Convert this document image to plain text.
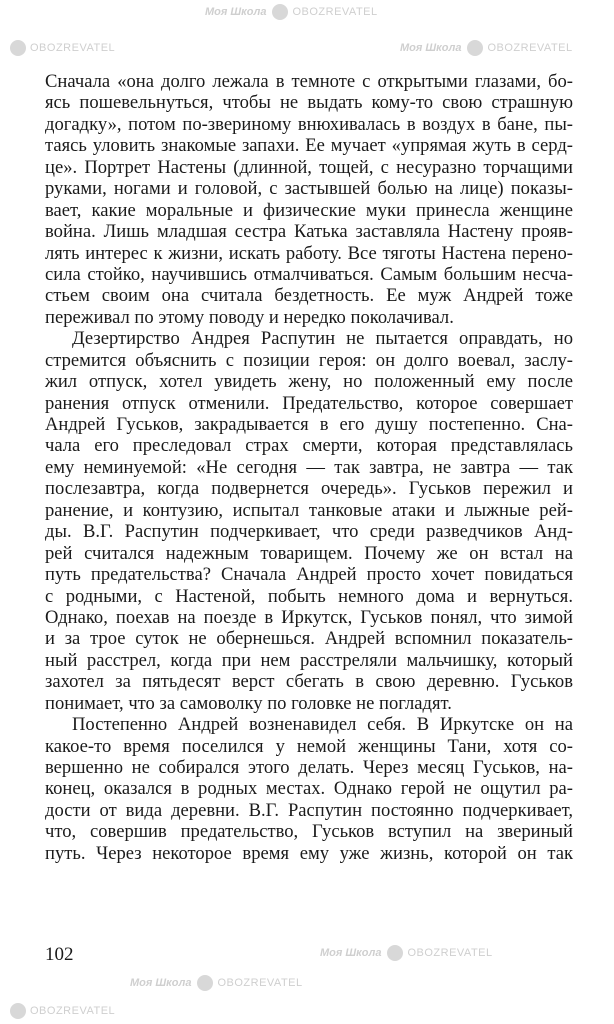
Моя Школа OBOZREVATEL
OBOZREVATEL	Моя Школа OBOZREVATEL
Моя Школа OBOZREVATEL
Моя Школа OBOZREVATEL
OBOZREVATEL
Сначала «она долго лежала в темноте с открытыми глазами, бо-
ясь пошевельнуться, чтобы не выдать кому-то свою страшную
догадку», потом по-звериному внюхивалась в воздух в бане, пы-
таясь уловить знакомые запахи. Ее мучает «упрямая жуть в серд-
це». Портрет Настены (длинной, тощей, с несуразно торчащими
руками, ногами и головой, с застывшей болью на лице) показы-
вает, какие моральные и физические муки принесла женщине
война. Лишь младшая сестра Катька заставляла Настену прояв-
лять интерес к жизни, искать работу. Все тяготы Настена перено-
сила стойко, научившись отмалчиваться. Самым большим несча-
стьем своим она считала бездетность. Ее муж Андрей тоже
переживал по этому поводу и нередко поколачивал.
Дезертирство Андрея Распутин не пытается оправдать, но
стремится объяснить с позиции героя: он долго воевал, заслу-
жил отпуск, хотел увидеть жену, но положенный ему после
ранения отпуск отменили. Предательство, которое совершает
Андрей Гуськов, закрадывается в его душу постепенно. Сна-
чала его преследовал страх смерти, которая представлялась
ему неминуемой: «Не сегодня — так завтра, не завтра — так
послезавтра, когда подвернется очередь». Гуськов пережил и
ранение, и контузию, испытал танковые атаки и лыжные рей-
ды. В.Г. Распутин подчеркивает, что среди разведчиков Анд-
рей считался надежным товарищем. Почему же он встал на
путь предательства? Сначала Андрей просто хочет повидаться
с родными, с Настеной, побыть немного дома и вернуться.
Однако, поехав на поезде в Иркутск, Гуськов понял, что зимой
и за трое суток не обернешься. Андрей вспомнил показатель-
ный расстрел, когда при нем расстреляли мальчишку, который
захотел за пятьдесят верст сбегать в свою деревню. Гуськов
понимает, что за самоволку по головке не погладят.
Постепенно Андрей возненавидел себя. В Иркутске он на
какое-то время поселился у немой женщины Тани, хотя со-
вершенно не собирался этого делать. Через месяц Гуськов, на-
конец, оказался в родных местах. Однако герой не ощутил ра-
дости от вида деревни. В.Г. Распутин постоянно подчеркивает,
что, совершив предательство, Гуськов вступил на звериный
путь. Через некоторое время ему уже жизнь, которой он так
102
